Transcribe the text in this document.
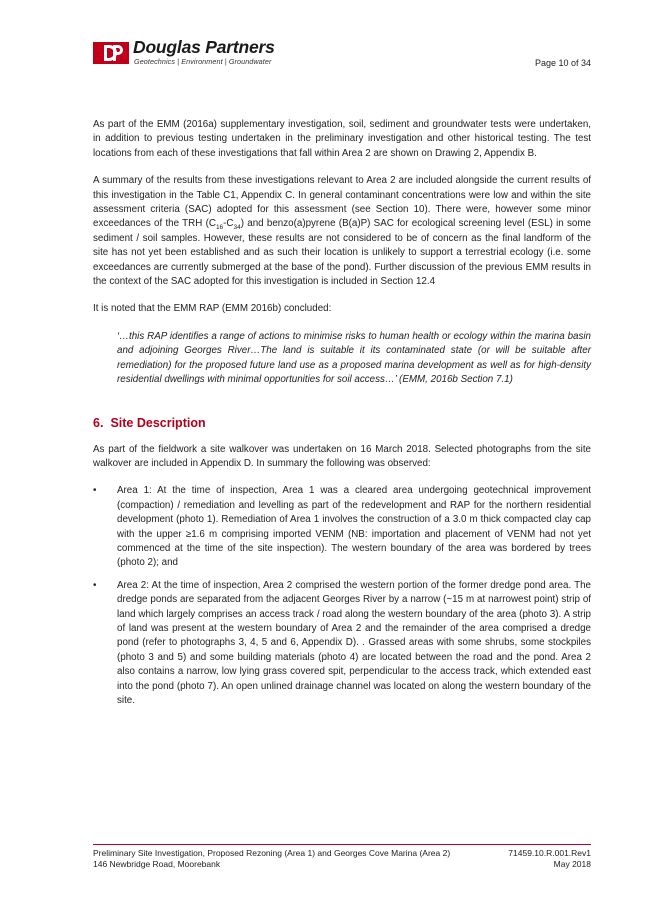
Douglas Partners
Geotechnics | Environment | Groundwater	Page 10 of 34

As part of the EMM (2016a) supplementary investigation, soil, sediment and groundwater tests were undertaken, in addition to previous testing undertaken in the preliminary investigation and other historical testing. The test locations from each of these investigations that fall within Area 2 are shown on Drawing 2, Appendix B.

A summary of the results from these investigations relevant to Area 2 are included alongside the current results of this investigation in the Table C1, Appendix C. In general contaminant concentrations were low and within the site assessment criteria (SAC) adopted for this assessment (see Section 10). There were, however some minor exceedances of the TRH $(C_{16}-C_{34})$ and benzo(a)pyrene (B(a)P) SAC for ecological screening level (ESL) in some sediment / soil samples. However, these results are not considered to be of concern as the final landform of the site has not yet been established and as such their location is unlikely to support a terrestrial ecology (i.e. some exceedances are currently submerged at the base of the pond). Further discussion of the previous EMM results in the context of the SAC adopted for this investigation is included in Section 12.4

It is noted that the EMM RAP (EMM 2016b) concluded:

‘…this RAP identifies a range of actions to minimise risks to human health or ecology within the marina basin and adjoining Georges River…The land is suitable it its contaminated state (or will be suitable after remediation) for the proposed future land use as a proposed marina development as well as for high-density residential dwellings with minimal opportunities for soil access…’ (EMM, 2016b Section 7.1)
6. Site Description

As part of the fieldwork a site walkover was undertaken on 16 March 2018. Selected photographs from the site walkover are included in Appendix D. In summary the following was observed:

• Area 1: At the time of inspection, Area 1 was a cleared area undergoing geotechnical improvement (compaction) / remediation and levelling as part of the redevelopment and RAP for the northern residential development (photo 1). Remediation of Area 1 involves the construction of a 3.0 m thick compacted clay cap with the upper ≥1.6 m comprising imported VENM (NB: importation and placement of VENM had not yet commenced at the time of the site inspection). The western boundary of the area was bordered by trees (photo 2); and
• Area 2: At the time of inspection, Area 2 comprised the western portion of the former dredge pond area. The dredge ponds are separated from the adjacent Georges River by a narrow (~15 m at narrowest point) strip of land which largely comprises an access track / road along the western boundary of the area (photo 3). A strip of land was present at the western boundary of Area 2 and the remainder of the area comprised a dredge pond (refer to photographs 3, 4, 5 and 6, Appendix D). . Grassed areas with some shrubs, some stockpiles (photo 3 and 5) and some building materials (photo 4) are located between the road and the pond. Area 2 also contains a narrow, low lying grass covered spit, perpendicular to the access track, which extended east into the pond (photo 7). An open unlined drainage channel was located on along the western boundary of the site.
Preliminary Site Investigation, Proposed Rezoning (Area 1) and Georges Cove Marina (Area 2)
146 Newbridge Road, Moorebank
71459.10.R.001.Rev1
May 2018
